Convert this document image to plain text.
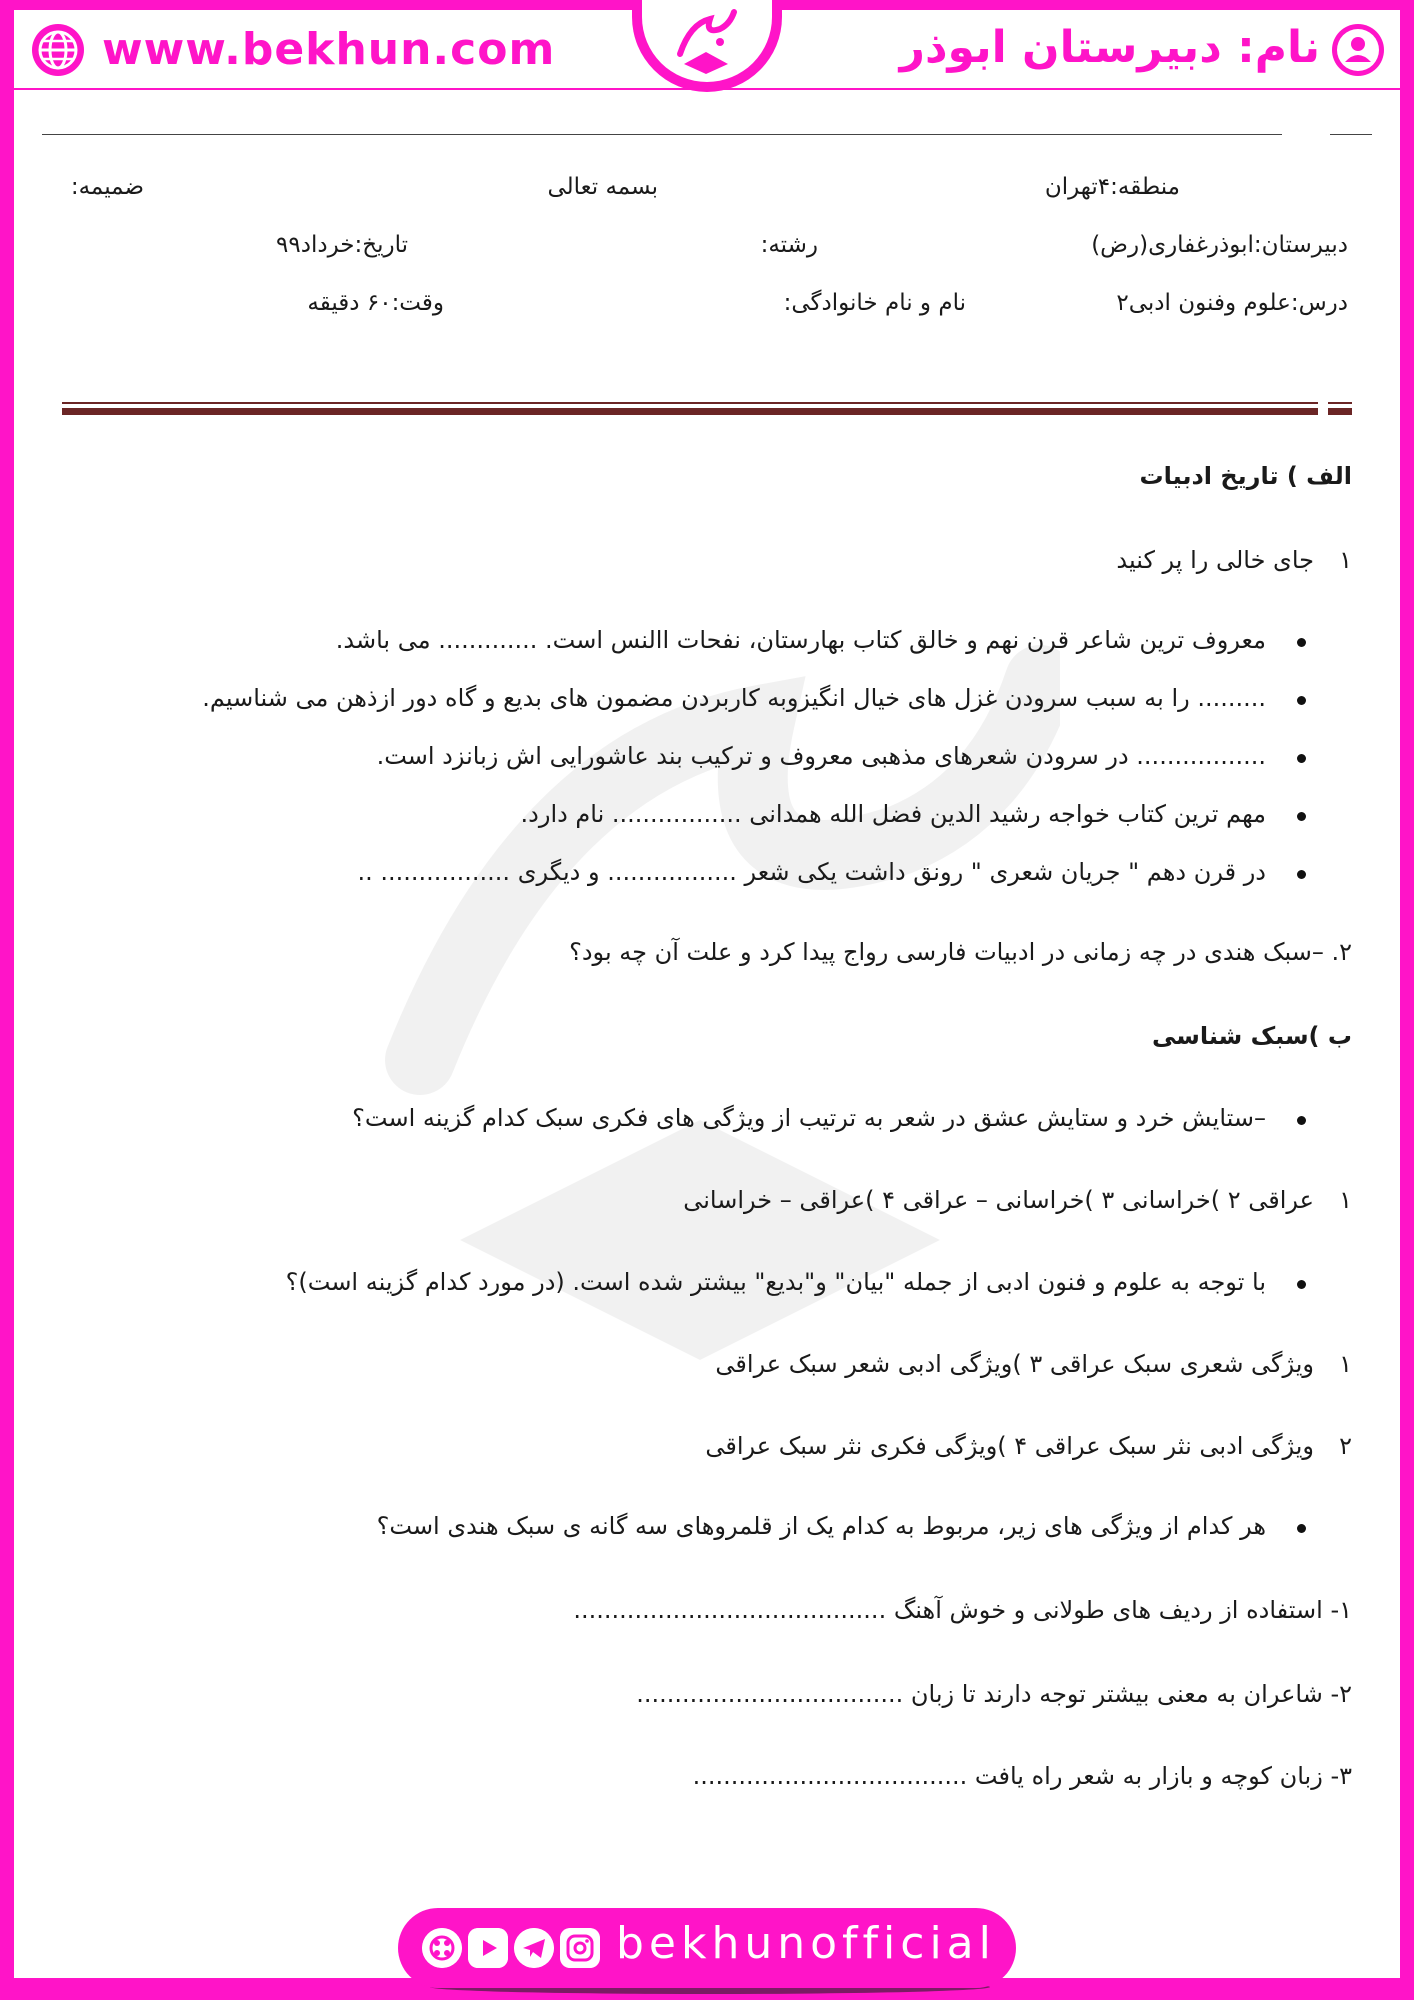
www.bekhun.com	نام: دبیرستان ابوذر
منطقه:۴تهران
بسمه تعالی
ضمیمه:
دبیرستان:ابوذرغفاری(رض)
رشته:
تاریخ:خرداد۹۹
درس:علوم وفنون ادبی۲
نام و نام خانوادگی:
وقت:۶۰ دقیقه
الف ) تاریخ ادبیات
۱
جای خالی را پر کنید
معروف ترین شاعر قرن نهم و خالق کتاب بهارستان، نفحات االنس است. ............. می باشد.
......... را به سبب سرودن غزل های خیال انگیزوبه کاربردن مضمون های بدیع و گاه دور ازذهن می شناسیم.
................. در سرودن شعرهای مذهبی معروف و ترکیب بند عاشورایی اش زبانزد است.
مهم ترین کتاب خواجه رشید الدین فضل الله همدانی ................. نام دارد.
در قرن دهم " جریان شعری " رونق داشت یکی شعر ................. و دیگری ................. ..
۲. –سبک هندی در چه زمانی در ادبیات فارسی رواج پیدا کرد و علت آن چه بود؟
ب )سبک شناسی
–ستایش خرد و ستایش عشق در شعر به ترتیب از ویژگی های فکری سبک کدام گزینه است؟
۱
عراقی ۲ )خراسانی ۳ )خراسانی – عراقی ۴ )عراقی – خراسانی
با توجه به علوم و فنون ادبی از جمله "بیان" و"بدیع" بیشتر شده است. (در مورد کدام گزینه است)؟
۱
ویژگی شعری سبک عراقی ۳ )ویژگی ادبی شعر سبک عراقی
۲
ویژگی ادبی نثر سبک عراقی ۴ )ویژگی فکری نثر سبک عراقی
هر کدام از ویژگی های زیر، مربوط به کدام یک از قلمروهای سه گانه ی سبک هندی است؟
۱- استفاده از ردیف های طولانی و خوش آهنگ .........................................
۲- شاعران به معنی بیشتر توجه دارند تا زبان ...................................
۳- زبان کوچه و بازار به شعر راه یافت ....................................
bekhunofficial
